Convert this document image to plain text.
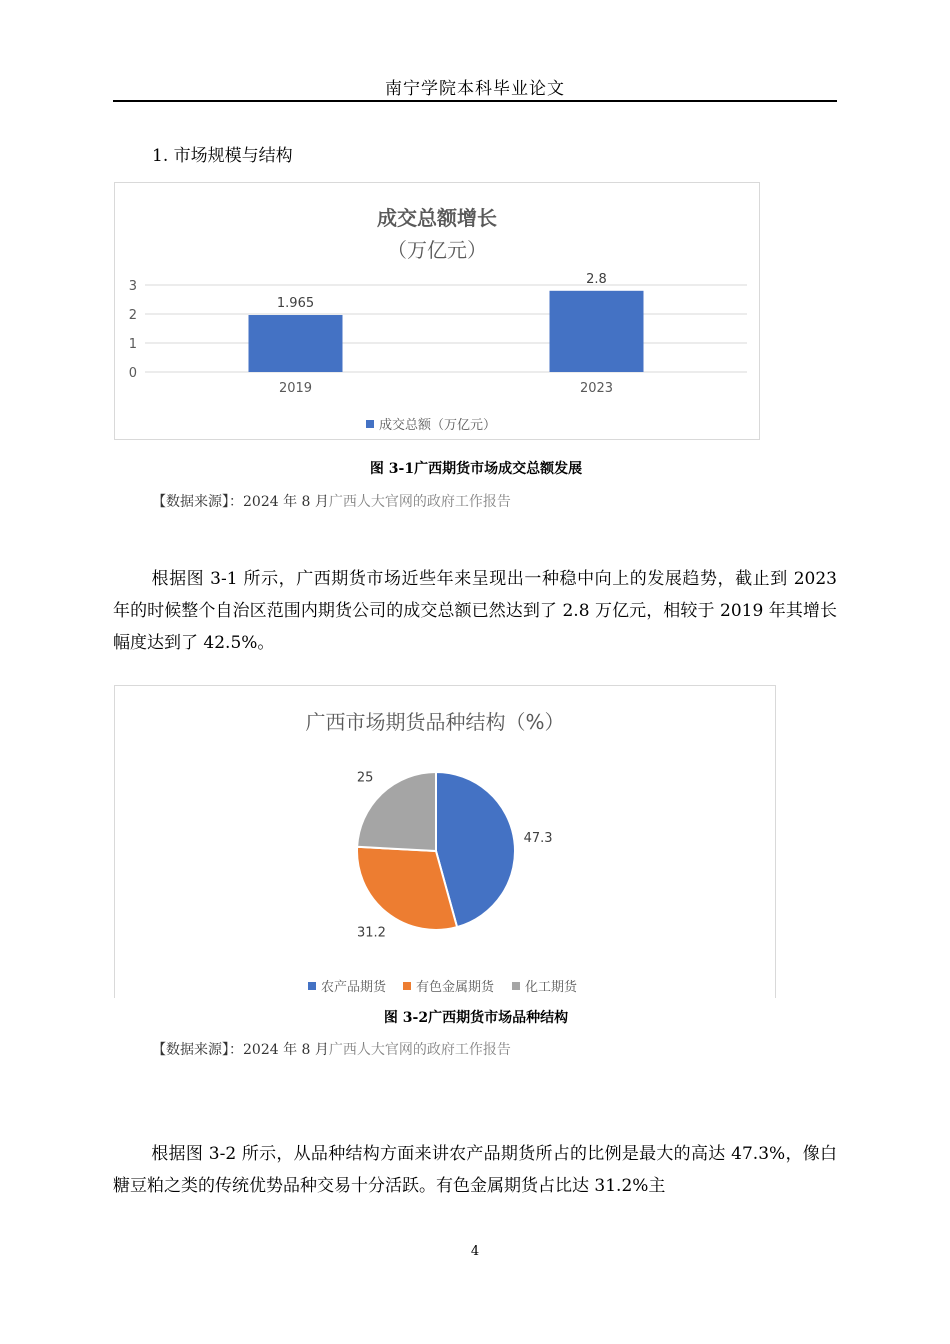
南宁学院本科毕业论文
1. 市场规模与结构
成交总额增长
（万亿元）
0
1
2
3
1.965
2.8
2019	2023
成交总额（万亿元）
图 3-1广西期货市场成交总额发展
【数据来源】：2024 年 8 月广西人大官网的政府工作报告

根据图 3-1 所示，广西期货市场近些年来呈现出一种稳中向上的发展趋势，截止到 2023 年的时候整个自治区范围内期货公司的成交总额已然达到了 2.8 万亿元，相较于 2019 年其增长幅度达到了 42.5%。

广西市场期货品种结构（%）
47.3
31.2
25
农产品期货 有色金属期货 化工期货
图 3-2广西期货市场品种结构
【数据来源】：2024 年 8 月广西人大官网的政府工作报告

根据图 3-2 所示，从品种结构方面来讲农产品期货所占的比例是最大的高达 47.3%，像白糖豆粕之类的传统优势品种交易十分活跃。有色金属期货占比达 31.2%主

4
